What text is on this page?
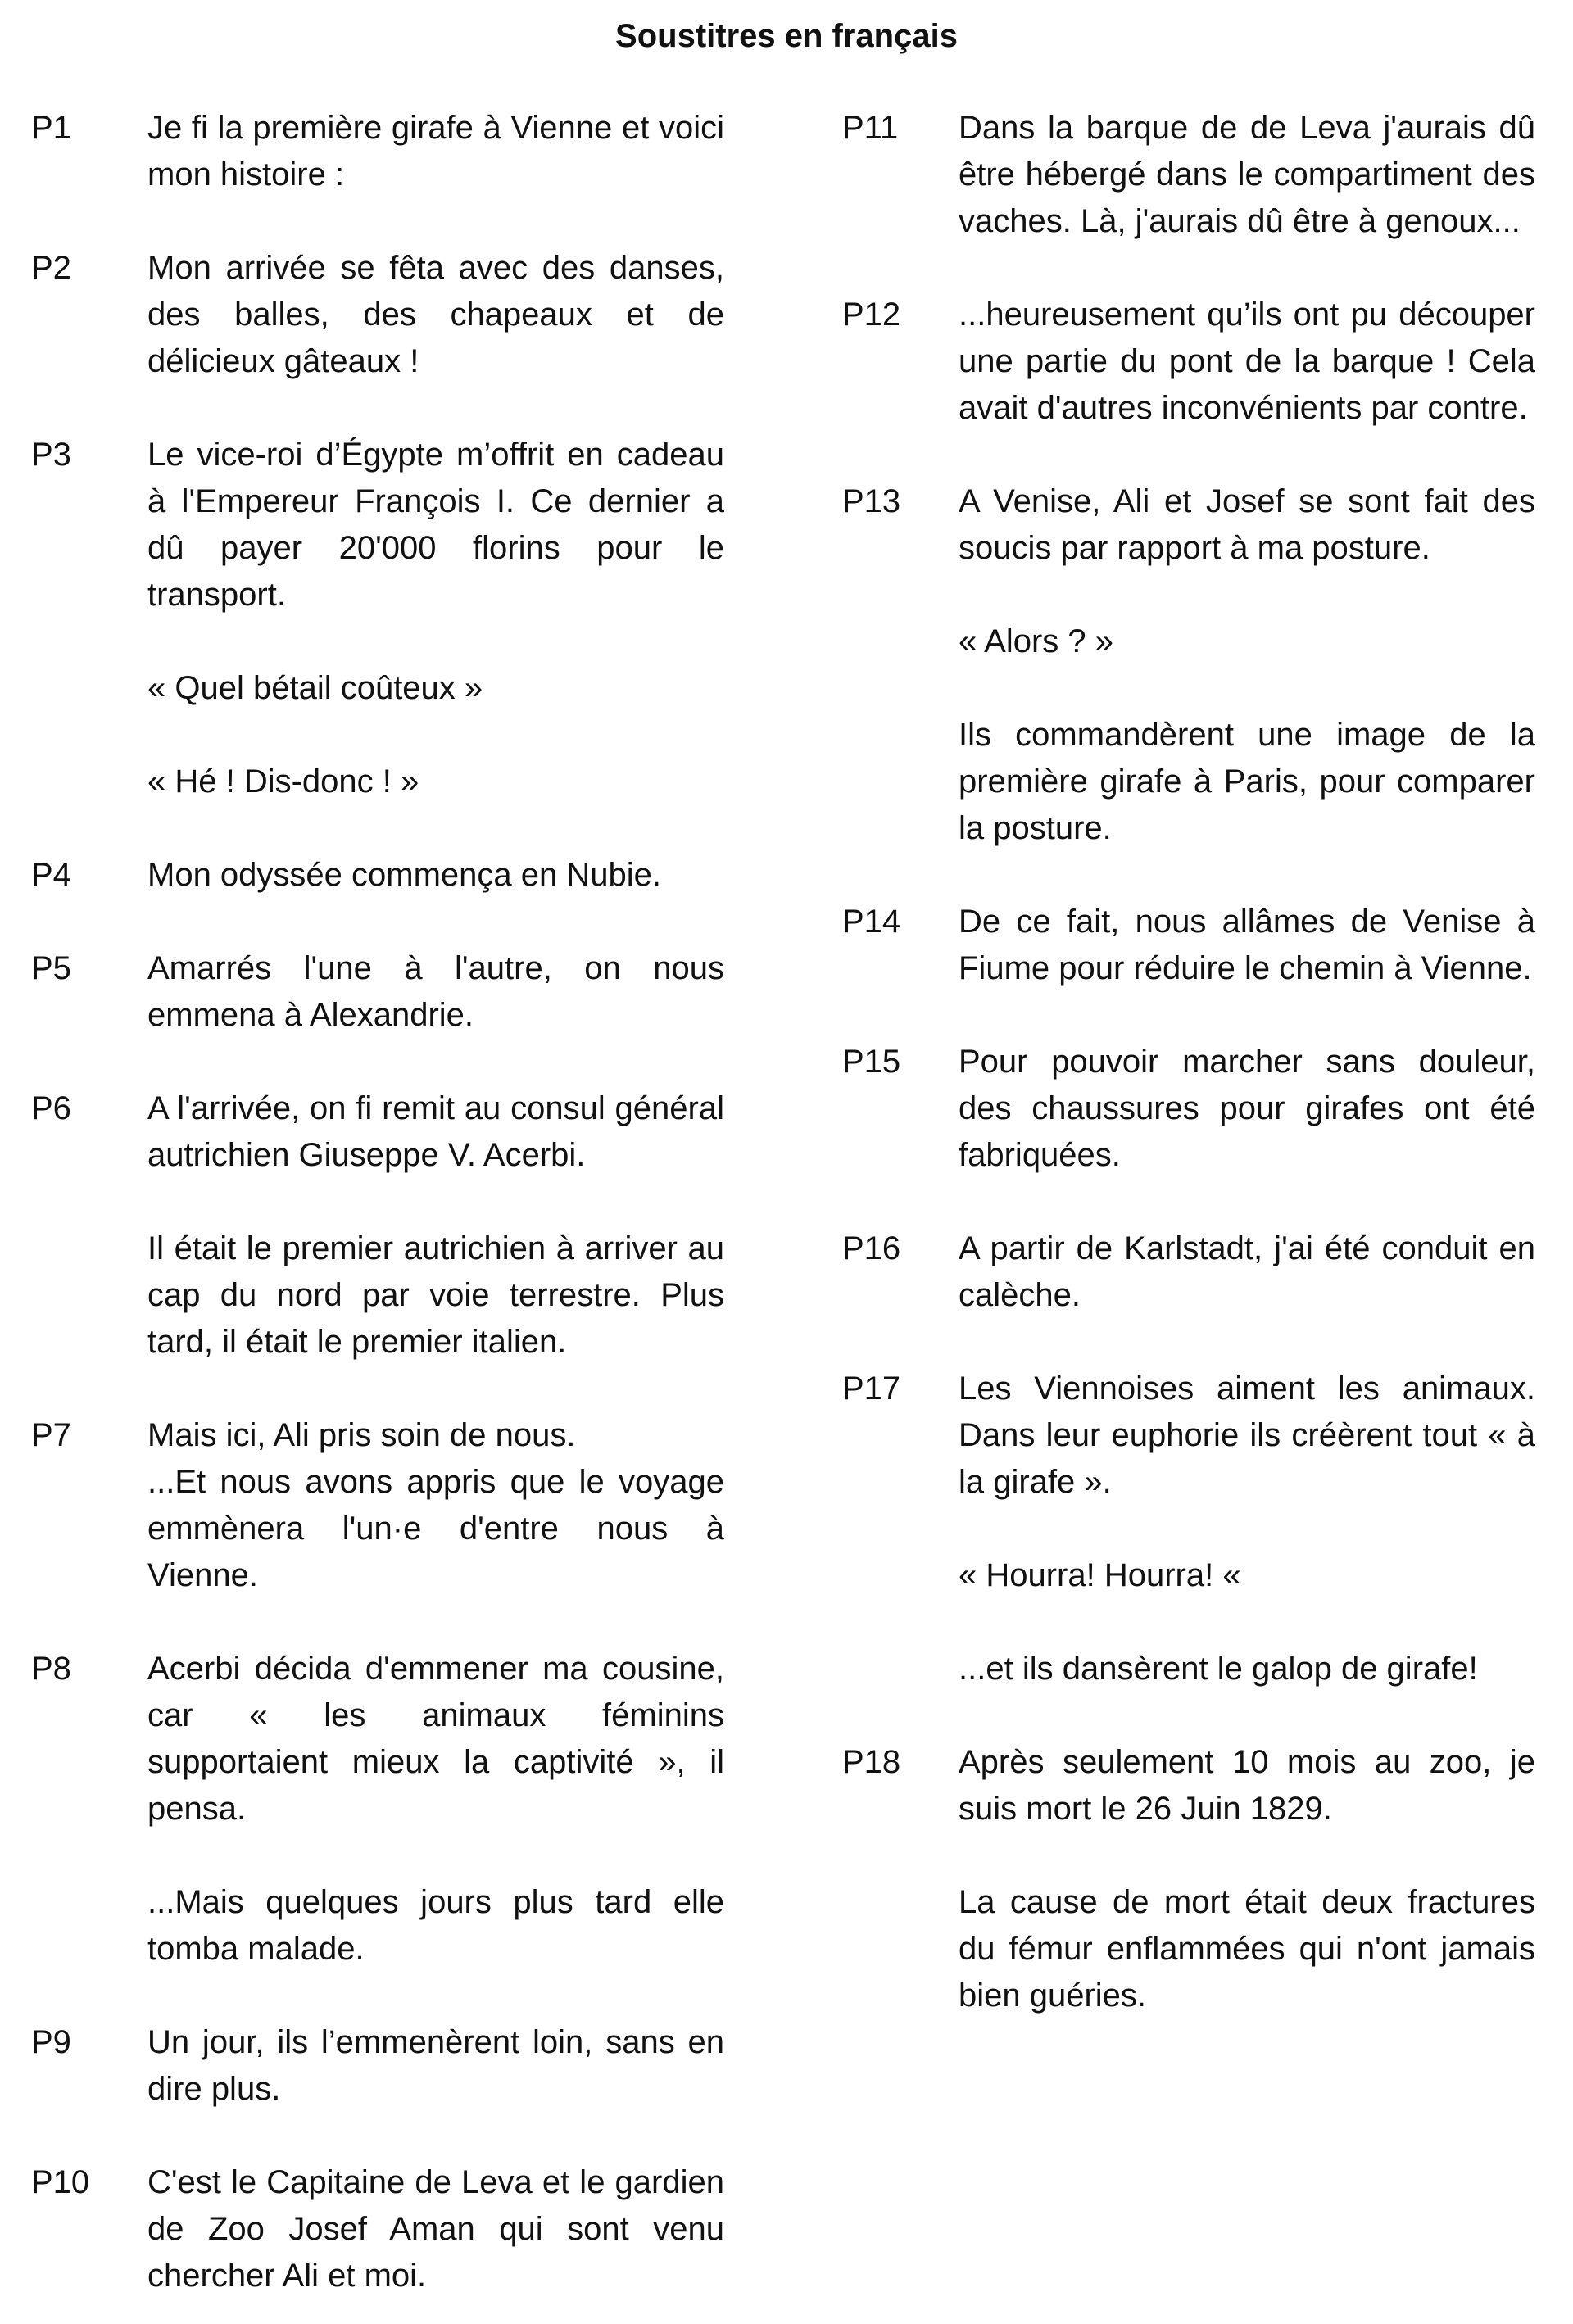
Soustitres en français
P1	Je fi la première girafe à Vienne et voici mon histoire :

P2	Mon arrivée se fêta avec des danses, des balles, des chapeaux et de délicieux gâteaux !

P3	Le vice-roi d’Égypte m’offrit en cadeau à l'Empereur François I. Ce dernier a dû payer 20'000 florins pour le transport.

« Quel bétail coûteux »

« Hé ! Dis-donc ! »

P4	Mon odyssée commença en Nubie.

P5	Amarrés l'une à l'autre, on nous emmena à Alexandrie.

P6	A l'arrivée, on fi remit au consul général autrichien Giuseppe V. Acerbi.

Il était le premier autrichien à arriver au cap du nord par voie terrestre. Plus tard, il était le premier italien.

P7	Mais ici, Ali pris soin de nous.

...Et nous avons appris que le voyage emmènera l'un·e d'entre nous à Vienne.

P8	Acerbi décida d'emmener ma cousine, car « les animaux féminins supportaient mieux la captivité », il pensa.

...Mais quelques jours plus tard elle tomba malade.

P9	Un jour, ils l’emmenèrent loin, sans en dire plus.

P10	C'est le Capitaine de Leva et le gardien de Zoo Josef Aman qui sont venu chercher Ali et moi.

P11	Dans la barque de de Leva j'aurais dû être hébergé dans le compartiment des vaches. Là, j'aurais dû être à genoux...

P12	...heureusement qu’ils ont pu découper une partie du pont de la barque ! Cela avait d'autres inconvénients par contre.

P13	A Venise, Ali et Josef se sont fait des soucis par rapport à ma posture.

« Alors ? »

Ils commandèrent une image de la première girafe à Paris, pour comparer la posture.

P14	De ce fait, nous allâmes de Venise à Fiume pour réduire le chemin à Vienne.

P15	Pour pouvoir marcher sans douleur, des chaussures pour girafes ont été fabriquées.

P16	A partir de Karlstadt, j'ai été conduit en calèche.

P17	Les Viennoises aiment les animaux. Dans leur euphorie ils créèrent tout « à la girafe ».

« Hourra! Hourra! «

...et ils dansèrent le galop de girafe!

P18	Après seulement 10 mois au zoo, je suis mort le 26 Juin 1829.

La cause de mort était deux fractures du fémur enflammées qui n'ont jamais bien guéries.
